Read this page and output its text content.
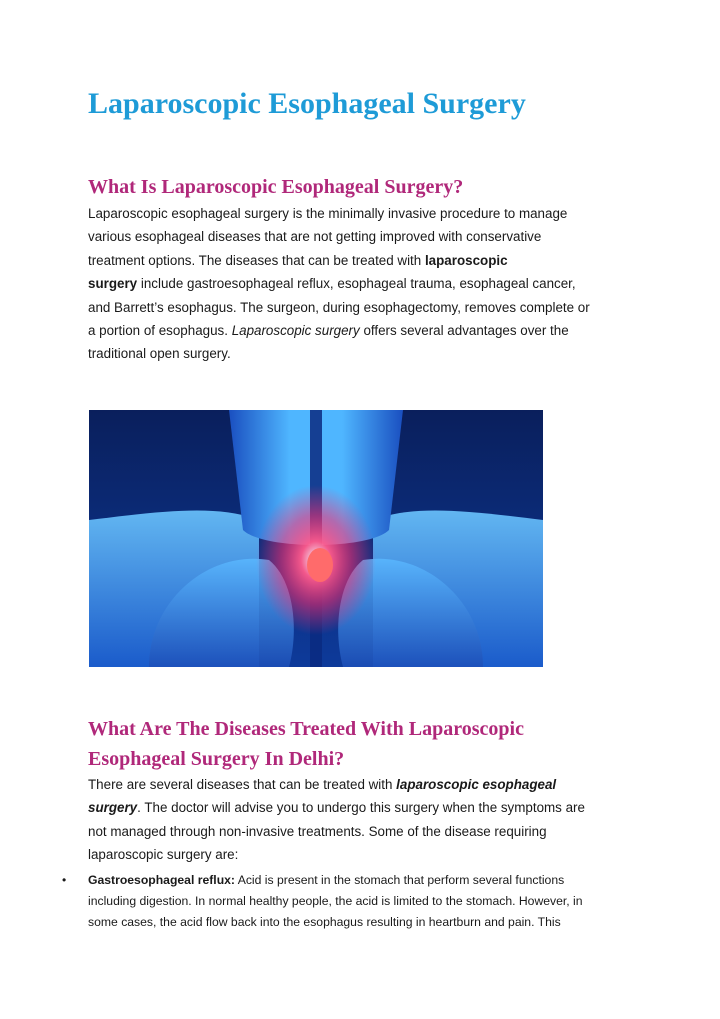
Laparoscopic Esophageal Surgery
What Is Laparoscopic Esophageal Surgery?

Laparoscopic esophageal surgery is the minimally invasive procedure to manage
various esophageal diseases that are not getting improved with conservative
treatment options. The diseases that can be treated with laparoscopic
surgery include gastroesophageal reflux, esophageal trauma, esophageal cancer,
and Barrett’s esophagus. The surgeon, during esophagectomy, removes complete or
a portion of esophagus. Laparoscopic surgery offers several advantages over the
traditional open surgery.

What Are The Diseases Treated With Laparoscopic
Esophageal Surgery In Delhi?

There are several diseases that can be treated with laparoscopic esophageal
surgery. The doctor will advise you to undergo this surgery when the symptoms are
not managed through non-invasive treatments. Some of the disease requiring
laparoscopic surgery are:

• Gastroesophageal reflux: Acid is present in the stomach that perform several functions
including digestion. In normal healthy people, the acid is limited to the stomach. However, in
some cases, the acid flow back into the esophagus resulting in heartburn and pain. This
